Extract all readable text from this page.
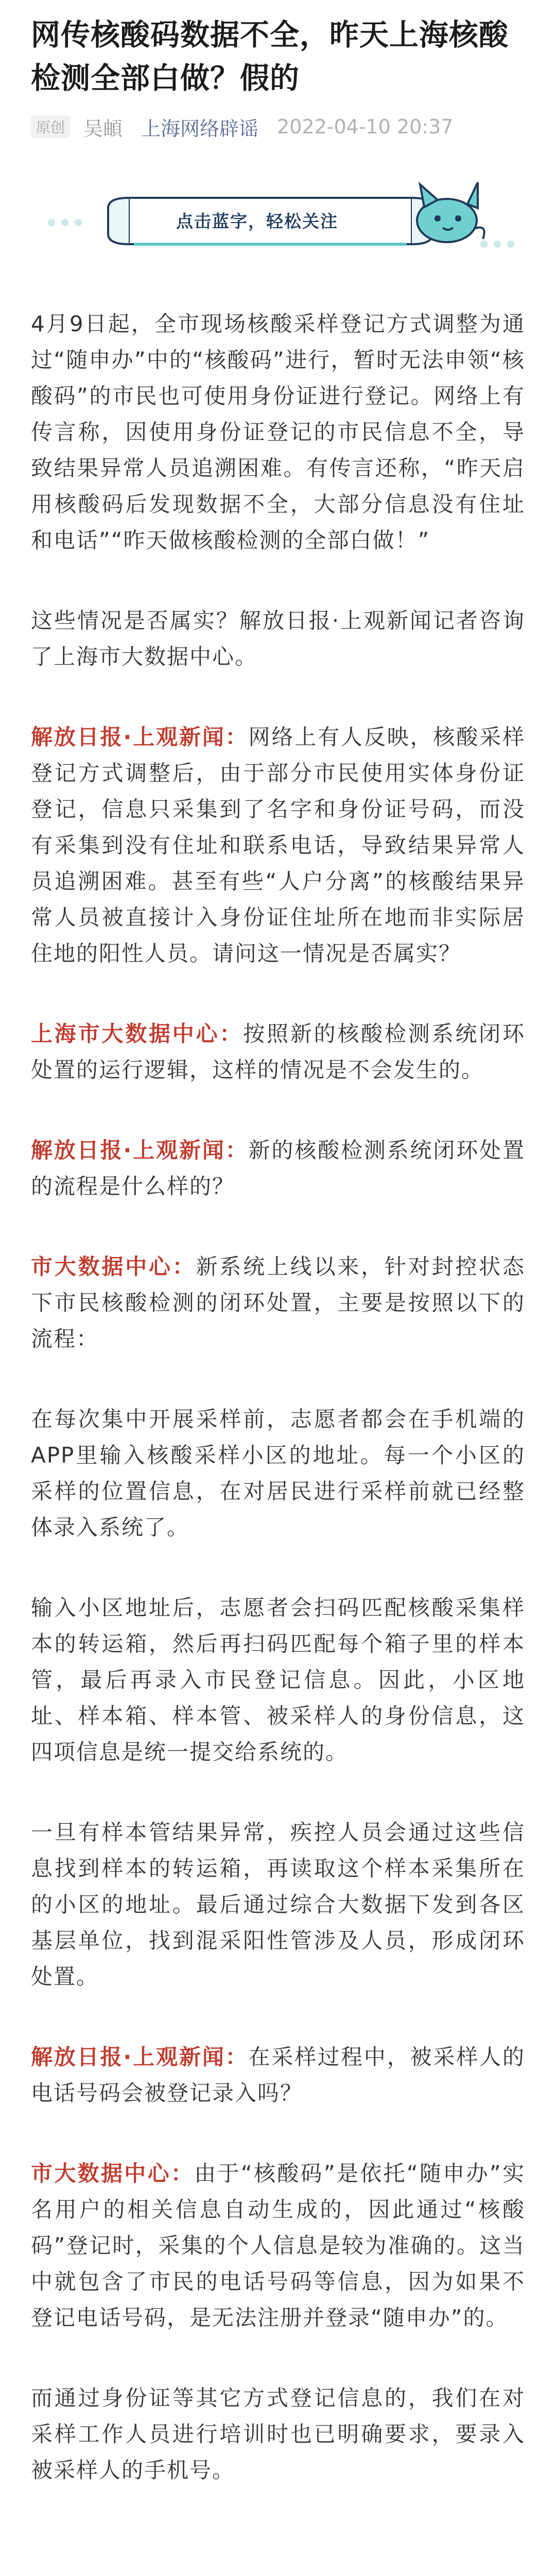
网传核酸码数据不全，昨天上海核酸检测全部白做？假的
原创 吴頔 上海网络辟谣 2022-04-10 20:37
点击蓝字，轻松关注

4月9日起，全市现场核酸采样登记方式调整为通过“随申办”中的“核酸码”进行，暂时无法申领“核酸码”的市民也可使用身份证进行登记。网络上有传言称，因使用身份证登记的市民信息不全，导致结果异常人员追溯困难。有传言还称，“昨天启用核酸码后发现数据不全，大部分信息没有住址和电话”“昨天做核酸检测的全部白做！”

这些情况是否属实？解放日报·上观新闻记者咨询了上海市大数据中心。

解放日报·上观新闻：网络上有人反映，核酸采样登记方式调整后，由于部分市民使用实体身份证登记，信息只采集到了名字和身份证号码，而没有采集到没有住址和联系电话，导致结果异常人员追溯困难。甚至有些“人户分离”的核酸结果异常人员被直接计入身份证住址所在地而非实际居住地的阳性人员。请问这一情况是否属实？

上海市大数据中心：按照新的核酸检测系统闭环处置的运行逻辑，这样的情况是不会发生的。

解放日报·上观新闻：新的核酸检测系统闭环处置的流程是什么样的？

市大数据中心：新系统上线以来，针对封控状态下市民核酸检测的闭环处置，主要是按照以下的流程：

在每次集中开展采样前，志愿者都会在手机端的APP里输入核酸采样小区的地址。每一个小区的采样的位置信息，在对居民进行采样前就已经整体录入系统了。

输入小区地址后，志愿者会扫码匹配核酸采集样本的转运箱，然后再扫码匹配每个箱子里的样本管，最后再录入市民登记信息。因此，小区地址、样本箱、样本管、被采样人的身份信息，这四项信息是统一提交给系统的。

一旦有样本管结果异常，疾控人员会通过这些信息找到样本的转运箱，再读取这个样本采集所在的小区的地址。最后通过综合大数据下发到各区基层单位，找到混采阳性管涉及人员，形成闭环处置。

解放日报·上观新闻：在采样过程中，被采样人的电话号码会被登记录入吗？

市大数据中心：由于“核酸码”是依托“随申办”实名用户的相关信息自动生成的，因此通过“核酸码”登记时，采集的个人信息是较为准确的。这当中就包含了市民的电话号码等信息，因为如果不登记电话号码，是无法注册并登录“随申办”的。

而通过身份证等其它方式登记信息的，我们在对采样工作人员进行培训时也已明确要求，要录入被采样人的手机号。
